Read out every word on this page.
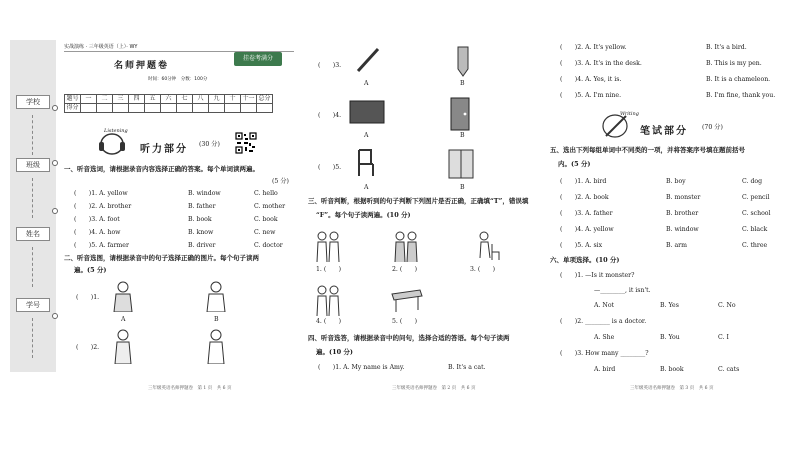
学校
班级
姓名
学号
实战演练 · 三年级英语（上）· WY
名师押题卷
挂卷考满分
时间：60分钟　分数：100分
题号	一	二	三	四	五	六	七	八	九	十	十一	总分
得分												
Listening
听力部分 (30 分)
一、听音选词，请根据录音内容选择正确的答案。每个单词读两遍。
(5 分)
(　　)1. A. yellow	B. window	C. hello
(　　)2. A. brother	B. father	C. mother
(　　)3. A. foot	B. book	C. book
(　　)4. A. how	B. know	C. new
(　　)5. A. farmer	B. driver	C. doctor
二、听音选图，请根据录音中的句子选择正确的图片。每个句子读两
遍。(5 分)
(　　)1.
A	B
(　　)2.
三年级英语名师押题卷　第 1 页　共 6 页
(　　)3.
A	B
(　　)4.
A	B
(　　)5.
A	B
三、听音判断，根据听到的句子判断下列图片是否正确，正确填“T”，错误填
“F”。每个句子读两遍。(10 分)
1. (　　)	2. (　　)	3. (　　)
4. (　　)	5. (　　)
四、听音选答，请根据录音中的问句，选择合适的答语。每个句子读两
遍。(10 分)
(　　)1. A. My name is Amy.	B. It's a cat.
三年级英语名师押题卷　第 2 页　共 6 页
(　　)2. A. It's yellow.	B. It's a bird.
(　　)3. A. It's in the desk.	B. This is my pen.
(　　)4. A. Yes, it is.	B. It is a chameleon.
(　　)5. A. I'm nine.	B. I'm fine, thank you.
Writing
笔试部分 (70 分)
五、选出下列每组单词中不同类的一项，并将答案序号填在题前括号
内。(5 分)
(　　)1. A. bird	B. boy	C. dog
(　　)2. A. book	B. monster	C. pencil
(　　)3. A. father	B. brother	C. school
(　　)4. A. yellow	B. window	C. black
(　　)5. A. six	B. arm	C. three
六、单项选择。(10 分)
(　　)1. —Is it monster?
—________, it isn't.
A. Not	B. Yes	C. No
(　　)2. ________ is a doctor.
A. She	B. You	C. I
(　　)3. How many ________?
A. bird	B. book	C. cats
三年级英语名师押题卷　第 3 页　共 6 页
